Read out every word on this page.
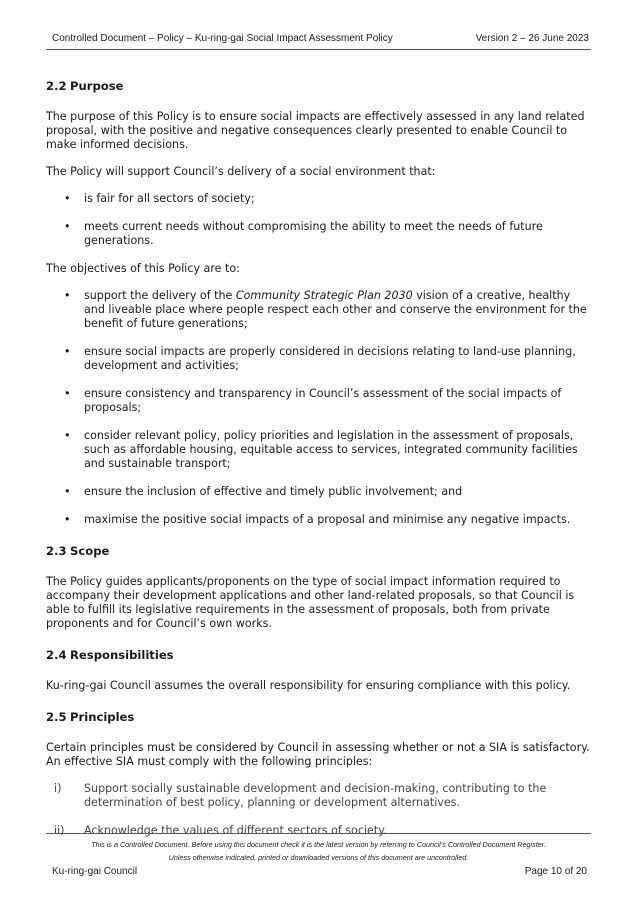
Controlled Document – Policy – Ku-ring-gai Social Impact Assessment Policy	Version 2 – 26 June 2023
2.2 Purpose

The purpose of this Policy is to ensure social impacts are effectively assessed in any land related proposal, with the positive and negative consequences clearly presented to enable Council to make informed decisions.

The Policy will support Council’s delivery of a social environment that:

• is fair for all sectors of society;
• meets current needs without compromising the ability to meet the needs of future generations.

The objectives of this Policy are to:

• support the delivery of the Community Strategic Plan 2030 vision of a creative, healthy and liveable place where people respect each other and conserve the environment for the benefit of future generations;
• ensure social impacts are properly considered in decisions relating to land-use planning, development and activities;
• ensure consistency and transparency in Council’s assessment of the social impacts of proposals;
• consider relevant policy, policy priorities and legislation in the assessment of proposals, such as affordable housing, equitable access to services, integrated community facilities and sustainable transport;
• ensure the inclusion of effective and timely public involvement; and
• maximise the positive social impacts of a proposal and minimise any negative impacts.
2.3 Scope

The Policy guides applicants/proponents on the type of social impact information required to accompany their development applications and other land-related proposals, so that Council is able to fulfill its legislative requirements in the assessment of proposals, both from private proponents and for Council’s own works.

2.4 Responsibilities

Ku-ring-gai Council assumes the overall responsibility for ensuring compliance with this policy.

2.5 Principles

Certain principles must be considered by Council in assessing whether or not a SIA is satisfactory. An effective SIA must comply with the following principles:

i) Support socially sustainable development and decision-making, contributing to the determination of best policy, planning or development alternatives.
ii) Acknowledge the values of different sectors of society.
This is a Controlled Document. Before using this document check it is the latest version by referring to Council’s Controlled Document Register.
Unless otherwise indicated, printed or downloaded versions of this document are uncontrolled.
Ku-ring-gai Council	Page 10 of 20
